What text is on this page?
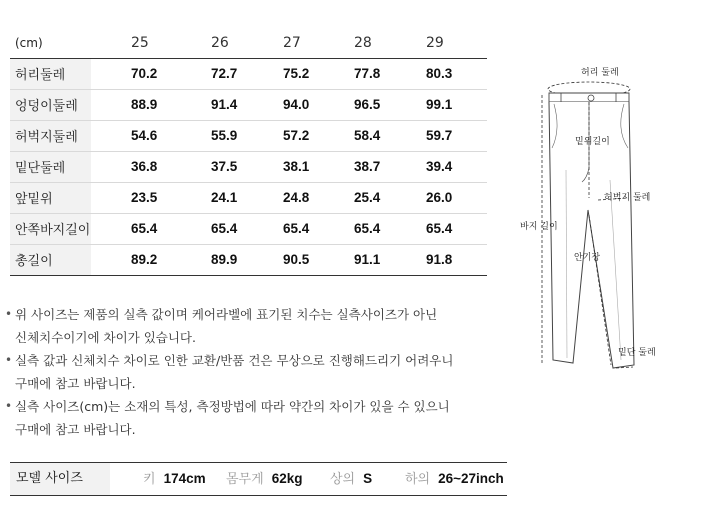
(cm)	25	26	27	28	29
허리둘레	70.2	72.7	75.2	77.8	80.3
엉덩이둘레	88.9	91.4	94.0	96.5	99.1
허벅지둘레	54.6	55.9	57.2	58.4	59.7
밑단둘레	36.8	37.5	38.1	38.7	39.4
앞밑위	23.5	24.1	24.8	25.4	26.0
안쪽바지길이	65.4	65.4	65.4	65.4	65.4
총길이	89.2	89.9	90.5	91.1	91.8
• 위 사이즈는 제품의 실측 값이며 케어라벨에 표기된 치수는 실측사이즈가 아닌
신체치수이기에 차이가 있습니다.
• 실측 값과 신체치수 차이로 인한 교환/반품 건은 무상으로 진행해드리기 어려우니
구매에 참고 바랍니다.
• 실측 사이즈(cm)는 소재의 특성, 측정방법에 따라 약간의 차이가 있을 수 있으니
구매에 참고 바랍니다.
모델 사이즈	키 174cm 몸무게 62kg 상의 S	하의 26~27inch
허리 둘레
밑위길이
허벅지 둘레
바지 길이
안기장
밑단 둘레
